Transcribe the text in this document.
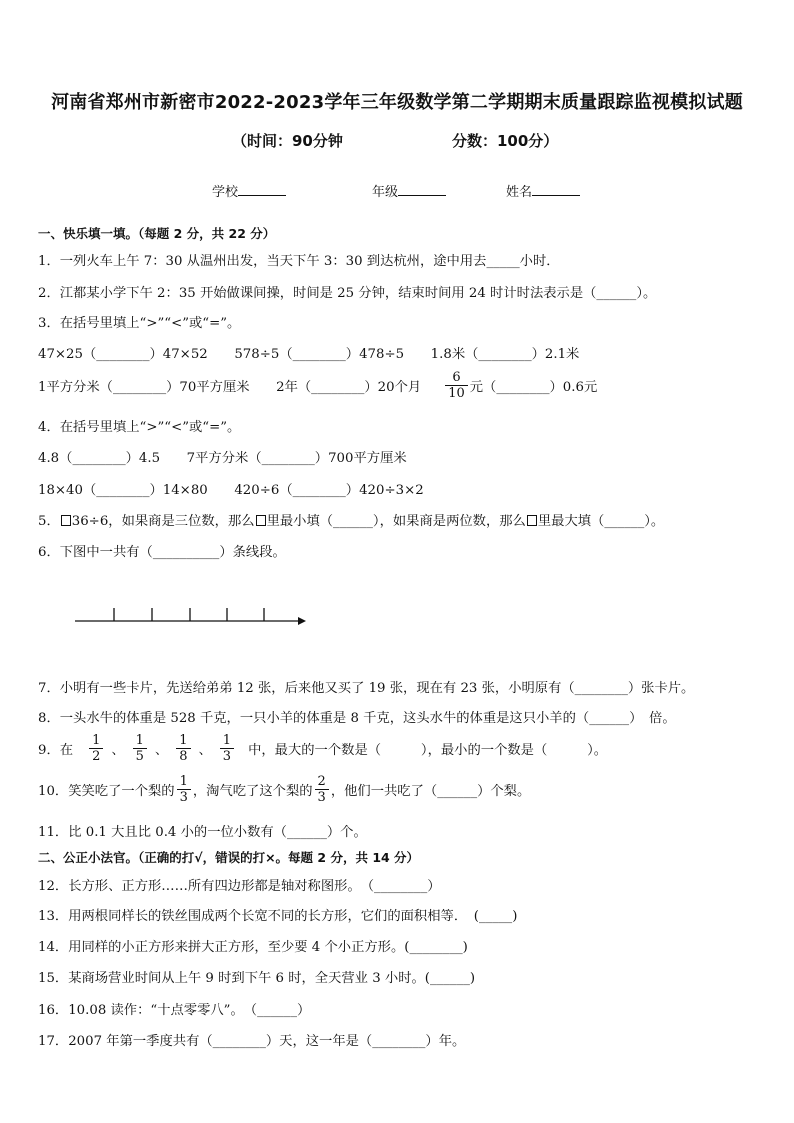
河南省郑州市新密市2022-2023学年三年级数学第二学期期末质量跟踪监视模拟试题
（时间：90分钟	分数：100分）
学校	年级	姓名
一、快乐填一填。（每题 2 分，共 22 分）
1．一列火车上午 7：30 从温州出发，当天下午 3：30 到达杭州，途中用去_____小时．
2．江都某小学下午 2：35 开始做课间操，时间是 25 分钟，结束时间用 24 时计时法表示是（______）。
3．在括号里填上“>”“<”或“=”。
47×25（________）47×52　　578÷5（________）478÷5　　1.8米（________）2.1米
1平方分米（________）70平方厘米　　2年（________）20个月 $\frac{6}{10}$ 元（________）0.6元
4．在括号里填上“>”“<”或“=”。
4.8（________）4.5　　7平方分米（________）700平方厘米
18×40（________）14×80　　420÷6（________）420÷3×2
5． 36÷6，如果商是三位数，那么 里最小填（______），如果商是两位数，那么 里最大填（______）。
6．下图中一共有（__________）条线段。
7．小明有一些卡片，先送给弟弟 12 张，后来他又买了 19 张，现在有 23 张，小明原有（________）张卡片。
8．一头水牛的体重是 528 千克，一只小羊的体重是 8 千克，这头水牛的体重是这只小羊的（______）　倍。
9．在 $\frac{1}{2}$ 、 $\frac{1}{5}$ 、 $\frac{1}{8}$ 、 $\frac{1}{3}$ 中，最大的一个数是（　　　），最小的一个数是（　　　）。
10．笑笑吃了一个梨的 $\frac{1}{3}$ ，淘气吃了这个梨的 $\frac{2}{3}$ ，他们一共吃了（______）个梨。
11．比 0.1 大且比 0.4 小的一位小数有（______）个。
二、公正小法官。（正确的打√，错误的打×。每题 2 分，共 14 分）
12．长方形、正方形……所有四边形都是轴对称图形。　（________）
13．用两根同样长的铁丝围成两个长宽不同的长方形，它们的面积相等．　(_____)
14．用同样的小正方形来拼大正方形，至少要 4 个小正方形。(________)
15．某商场营业时间从上午 9 时到下午 6 时，全天营业 3 小时。(______)
16．10.08 读作：“十点零零八”。　（______）
17．2007 年第一季度共有（________）天，这一年是（________）年。
